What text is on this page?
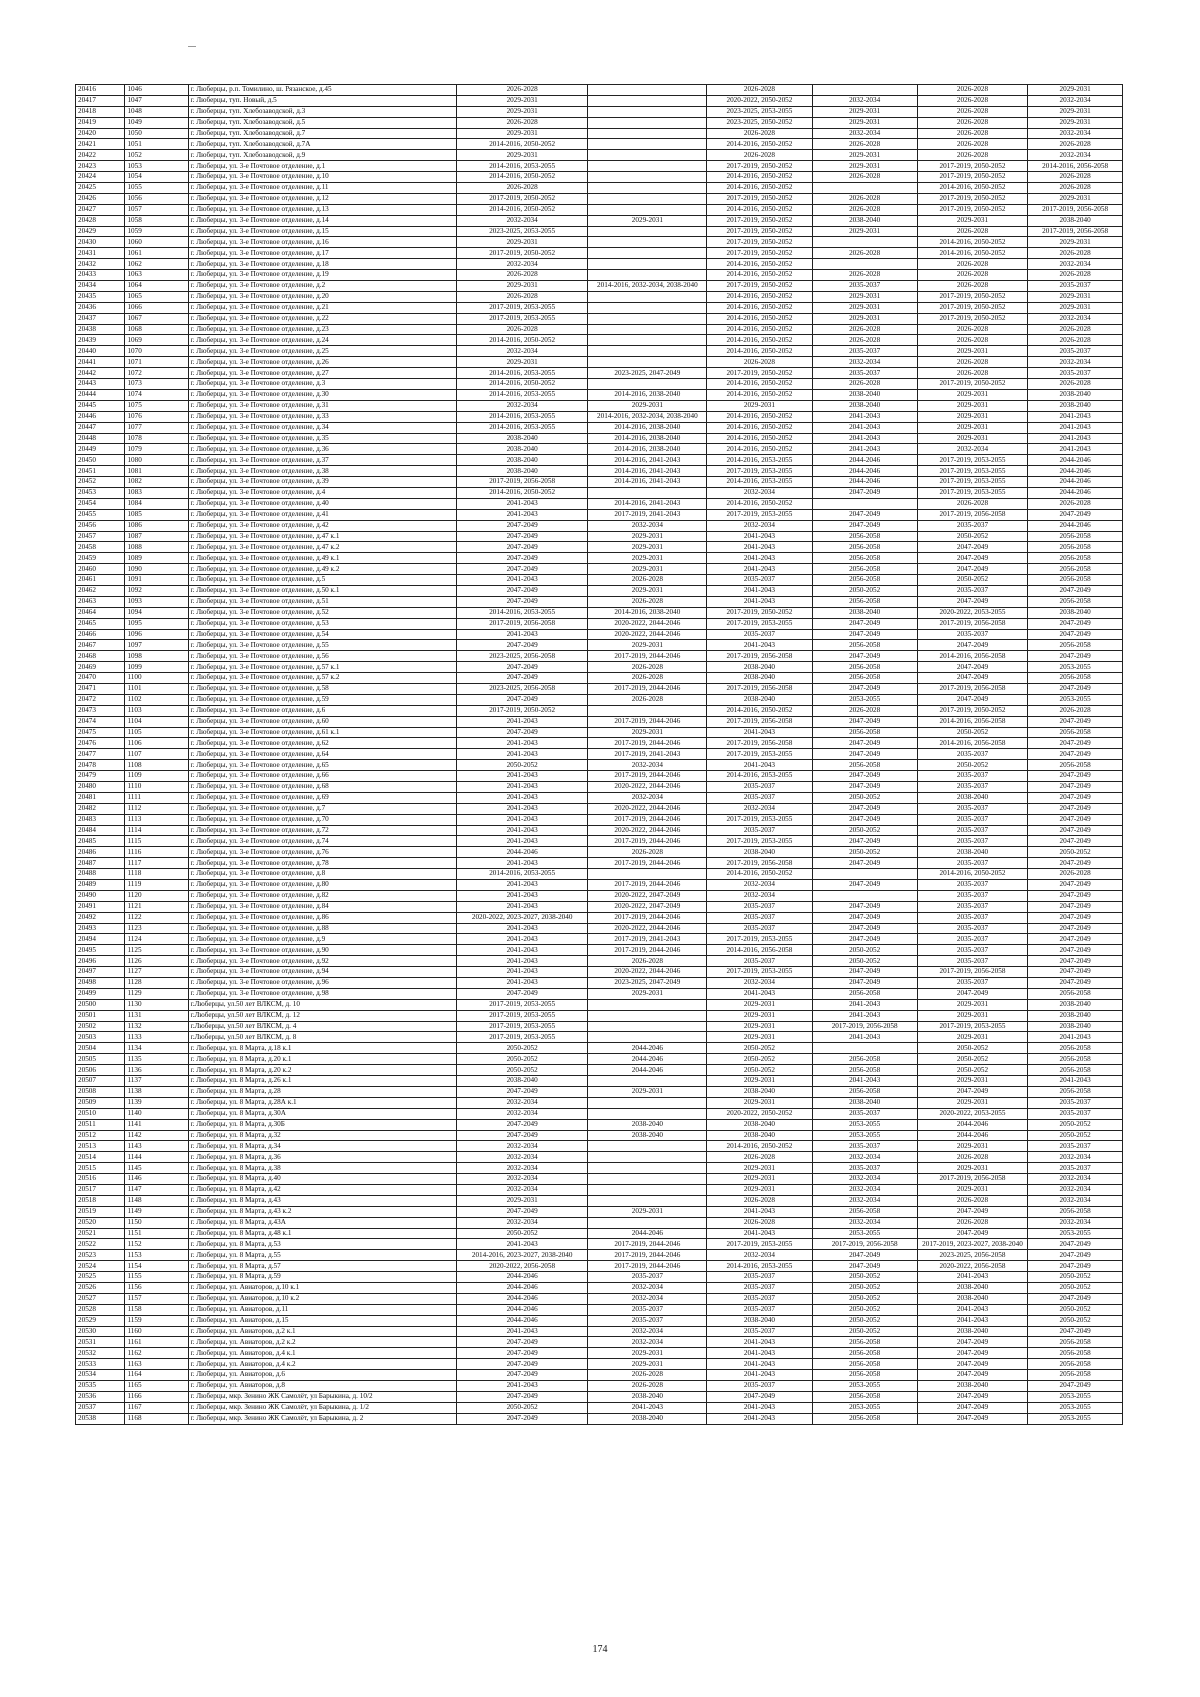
20416	1046	г. Люберцы, р.п. Томилино, ш. Рязанское, д.45	2026-2028		2026-2028		2026-2028	2029-2031
20417	1047	г. Люберцы, туп. Новый, д.5	2029-2031		2020-2022, 2050-2052	2032-2034	2026-2028	2032-2034
20418	1048	г. Люберцы, туп. Хлебозаводской, д.3	2029-2031		2023-2025, 2053-2055	2029-2031	2026-2028	2029-2031
20419	1049	г. Люберцы, туп. Хлебозаводской, д.5	2026-2028		2023-2025, 2050-2052	2029-2031	2026-2028	2029-2031
20420	1050	г. Люберцы, туп. Хлебозаводской, д.7	2029-2031		2026-2028	2032-2034	2026-2028	2032-2034
20421	1051	г. Люберцы, туп. Хлебозаводской, д.7А	2014-2016, 2050-2052		2014-2016, 2050-2052	2026-2028	2026-2028	2026-2028
20422	1052	г. Люберцы, туп. Хлебозаводской, д.9	2029-2031		2026-2028	2029-2031	2026-2028	2032-2034
20423	1053	г. Люберцы, ул. 3-е Почтовое отделение, д.1	2014-2016, 2053-2055		2017-2019, 2050-2052	2029-2031	2017-2019, 2050-2052	2014-2016, 2056-2058
20424	1054	г. Люберцы, ул. 3-е Почтовое отделение, д.10	2014-2016, 2050-2052		2014-2016, 2050-2052	2026-2028	2017-2019, 2050-2052	2026-2028
20425	1055	г. Люберцы, ул. 3-е Почтовое отделение, д.11	2026-2028		2014-2016, 2050-2052		2014-2016, 2050-2052	2026-2028
20426	1056	г. Люберцы, ул. 3-е Почтовое отделение, д.12	2017-2019, 2050-2052		2017-2019, 2050-2052	2026-2028	2017-2019, 2050-2052	2029-2031
20427	1057	г. Люберцы, ул. 3-е Почтовое отделение, д.13	2014-2016, 2050-2052		2014-2016, 2050-2052	2026-2028	2017-2019, 2050-2052	2017-2019, 2056-2058
20428	1058	г. Люберцы, ул. 3-е Почтовое отделение, д.14	2032-2034	2029-2031	2017-2019, 2050-2052	2038-2040	2029-2031	2038-2040
20429	1059	г. Люберцы, ул. 3-е Почтовое отделение, д.15	2023-2025, 2053-2055		2017-2019, 2050-2052	2029-2031	2026-2028	2017-2019, 2056-2058
20430	1060	г. Люберцы, ул. 3-е Почтовое отделение, д.16	2029-2031		2017-2019, 2050-2052		2014-2016, 2050-2052	2029-2031
20431	1061	г. Люберцы, ул. 3-е Почтовое отделение, д.17	2017-2019, 2050-2052		2017-2019, 2050-2052	2026-2028	2014-2016, 2050-2052	2026-2028
20432	1062	г. Люберцы, ул. 3-е Почтовое отделение, д.18	2032-2034		2014-2016, 2050-2052		2026-2028	2032-2034
20433	1063	г. Люберцы, ул. 3-е Почтовое отделение, д.19	2026-2028		2014-2016, 2050-2052	2026-2028	2026-2028	2026-2028
20434	1064	г. Люберцы, ул. 3-е Почтовое отделение, д.2	2029-2031	2014-2016, 2032-2034, 2038-2040	2017-2019, 2050-2052	2035-2037	2026-2028	2035-2037
20435	1065	г. Люберцы, ул. 3-е Почтовое отделение, д.20	2026-2028		2014-2016, 2050-2052	2029-2031	2017-2019, 2050-2052	2029-2031
20436	1066	г. Люберцы, ул. 3-е Почтовое отделение, д.21	2017-2019, 2053-2055		2014-2016, 2050-2052	2029-2031	2017-2019, 2050-2052	2029-2031
20437	1067	г. Люберцы, ул. 3-е Почтовое отделение, д.22	2017-2019, 2053-2055		2014-2016, 2050-2052	2029-2031	2017-2019, 2050-2052	2032-2034
20438	1068	г. Люберцы, ул. 3-е Почтовое отделение, д.23	2026-2028		2014-2016, 2050-2052	2026-2028	2026-2028	2026-2028
20439	1069	г. Люберцы, ул. 3-е Почтовое отделение, д.24	2014-2016, 2050-2052		2014-2016, 2050-2052	2026-2028	2026-2028	2026-2028
20440	1070	г. Люберцы, ул. 3-е Почтовое отделение, д.25	2032-2034		2014-2016, 2050-2052	2035-2037	2029-2031	2035-2037
20441	1071	г. Люберцы, ул. 3-е Почтовое отделение, д.26	2029-2031		2026-2028	2032-2034	2026-2028	2032-2034
20442	1072	г. Люберцы, ул. 3-е Почтовое отделение, д.27	2014-2016, 2053-2055	2023-2025, 2047-2049	2017-2019, 2050-2052	2035-2037	2026-2028	2035-2037
20443	1073	г. Люберцы, ул. 3-е Почтовое отделение, д.3	2014-2016, 2050-2052		2014-2016, 2050-2052	2026-2028	2017-2019, 2050-2052	2026-2028
20444	1074	г. Люберцы, ул. 3-е Почтовое отделение, д.30	2014-2016, 2053-2055	2014-2016, 2038-2040	2014-2016, 2050-2052	2038-2040	2029-2031	2038-2040
20445	1075	г. Люберцы, ул. 3-е Почтовое отделение, д.31	2032-2034	2029-2031	2029-2031	2038-2040	2029-2031	2038-2040
20446	1076	г. Люберцы, ул. 3-е Почтовое отделение, д.33	2014-2016, 2053-2055	2014-2016, 2032-2034, 2038-2040	2014-2016, 2050-2052	2041-2043	2029-2031	2041-2043
20447	1077	г. Люберцы, ул. 3-е Почтовое отделение, д.34	2014-2016, 2053-2055	2014-2016, 2038-2040	2014-2016, 2050-2052	2041-2043	2029-2031	2041-2043
20448	1078	г. Люберцы, ул. 3-е Почтовое отделение, д.35	2038-2040	2014-2016, 2038-2040	2014-2016, 2050-2052	2041-2043	2029-2031	2041-2043
20449	1079	г. Люберцы, ул. 3-е Почтовое отделение, д.36	2038-2040	2014-2016, 2038-2040	2014-2016, 2050-2052	2041-2043	2032-2034	2041-2043
20450	1080	г. Люберцы, ул. 3-е Почтовое отделение, д.37	2038-2040	2014-2016, 2041-2043	2014-2016, 2053-2055	2044-2046	2017-2019, 2053-2055	2044-2046
20451	1081	г. Люберцы, ул. 3-е Почтовое отделение, д.38	2038-2040	2014-2016, 2041-2043	2017-2019, 2053-2055	2044-2046	2017-2019, 2053-2055	2044-2046
20452	1082	г. Люберцы, ул. 3-е Почтовое отделение, д.39	2017-2019, 2056-2058	2014-2016, 2041-2043	2014-2016, 2053-2055	2044-2046	2017-2019, 2053-2055	2044-2046
20453	1083	г. Люберцы, ул. 3-е Почтовое отделение, д.4	2014-2016, 2050-2052		2032-2034	2047-2049	2017-2019, 2053-2055	2044-2046
20454	1084	г. Люберцы, ул. 3-е Почтовое отделение, д.40	2041-2043	2014-2016, 2041-2043	2014-2016, 2050-2052		2026-2028	2026-2028
20455	1085	г. Люберцы, ул. 3-е Почтовое отделение, д.41	2041-2043	2017-2019, 2041-2043	2017-2019, 2053-2055	2047-2049	2017-2019, 2056-2058	2047-2049
20456	1086	г. Люберцы, ул. 3-е Почтовое отделение, д.42	2047-2049	2032-2034	2032-2034	2047-2049	2035-2037	2044-2046
20457	1087	г. Люберцы, ул. 3-е Почтовое отделение, д.47 к.1	2047-2049	2029-2031	2041-2043	2056-2058	2050-2052	2056-2058
20458	1088	г. Люберцы, ул. 3-е Почтовое отделение, д.47 к.2	2047-2049	2029-2031	2041-2043	2056-2058	2047-2049	2056-2058
20459	1089	г. Люберцы, ул. 3-е Почтовое отделение, д.49 к.1	2047-2049	2029-2031	2041-2043	2056-2058	2047-2049	2056-2058
20460	1090	г. Люберцы, ул. 3-е Почтовое отделение, д.49 к.2	2047-2049	2029-2031	2041-2043	2056-2058	2047-2049	2056-2058
20461	1091	г. Люберцы, ул. 3-е Почтовое отделение, д.5	2041-2043	2026-2028	2035-2037	2056-2058	2050-2052	2056-2058
20462	1092	г. Люберцы, ул. 3-е Почтовое отделение, д.50 к.1	2047-2049	2029-2031	2041-2043	2050-2052	2035-2037	2047-2049
20463	1093	г. Люберцы, ул. 3-е Почтовое отделение, д.51	2047-2049	2026-2028	2041-2043	2056-2058	2047-2049	2056-2058
20464	1094	г. Люберцы, ул. 3-е Почтовое отделение, д.52	2014-2016, 2053-2055	2014-2016, 2038-2040	2017-2019, 2050-2052	2038-2040	2020-2022, 2053-2055	2038-2040
20465	1095	г. Люберцы, ул. 3-е Почтовое отделение, д.53	2017-2019, 2056-2058	2020-2022, 2044-2046	2017-2019, 2053-2055	2047-2049	2017-2019, 2056-2058	2047-2049
20466	1096	г. Люберцы, ул. 3-е Почтовое отделение, д.54	2041-2043	2020-2022, 2044-2046	2035-2037	2047-2049	2035-2037	2047-2049
20467	1097	г. Люберцы, ул. 3-е Почтовое отделение, д.55	2047-2049	2029-2031	2041-2043	2056-2058	2047-2049	2056-2058
20468	1098	г. Люберцы, ул. 3-е Почтовое отделение, д.56	2023-2025, 2056-2058	2017-2019, 2044-2046	2017-2019, 2056-2058	2047-2049	2014-2016, 2056-2058	2047-2049
20469	1099	г. Люберцы, ул. 3-е Почтовое отделение, д.57 к.1	2047-2049	2026-2028	2038-2040	2056-2058	2047-2049	2053-2055
20470	1100	г. Люберцы, ул. 3-е Почтовое отделение, д.57 к.2	2047-2049	2026-2028	2038-2040	2056-2058	2047-2049	2056-2058
20471	1101	г. Люберцы, ул. 3-е Почтовое отделение, д.58	2023-2025, 2056-2058	2017-2019, 2044-2046	2017-2019, 2056-2058	2047-2049	2017-2019, 2056-2058	2047-2049
20472	1102	г. Люберцы, ул. 3-е Почтовое отделение, д.59	2047-2049	2026-2028	2038-2040	2053-2055	2047-2049	2053-2055
20473	1103	г. Люберцы, ул. 3-е Почтовое отделение, д.6	2017-2019, 2050-2052		2014-2016, 2050-2052	2026-2028	2017-2019, 2050-2052	2026-2028
20474	1104	г. Люберцы, ул. 3-е Почтовое отделение, д.60	2041-2043	2017-2019, 2044-2046	2017-2019, 2056-2058	2047-2049	2014-2016, 2056-2058	2047-2049
20475	1105	г. Люберцы, ул. 3-е Почтовое отделение, д.61 к.1	2047-2049	2029-2031	2041-2043	2056-2058	2050-2052	2056-2058
20476	1106	г. Люберцы, ул. 3-е Почтовое отделение, д.62	2041-2043	2017-2019, 2044-2046	2017-2019, 2056-2058	2047-2049	2014-2016, 2056-2058	2047-2049
20477	1107	г. Люберцы, ул. 3-е Почтовое отделение, д.64	2041-2043	2017-2019, 2041-2043	2017-2019, 2053-2055	2047-2049	2035-2037	2047-2049
20478	1108	г. Люберцы, ул. 3-е Почтовое отделение, д.65	2050-2052	2032-2034	2041-2043	2056-2058	2050-2052	2056-2058
20479	1109	г. Люберцы, ул. 3-е Почтовое отделение, д.66	2041-2043	2017-2019, 2044-2046	2014-2016, 2053-2055	2047-2049	2035-2037	2047-2049
20480	1110	г. Люберцы, ул. 3-е Почтовое отделение, д.68	2041-2043	2020-2022, 2044-2046	2035-2037	2047-2049	2035-2037	2047-2049
20481	1111	г. Люберцы, ул. 3-е Почтовое отделение, д.69	2041-2043	2032-2034	2035-2037	2050-2052	2038-2040	2047-2049
20482	1112	г. Люберцы, ул. 3-е Почтовое отделение, д.7	2041-2043	2020-2022, 2044-2046	2032-2034	2047-2049	2035-2037	2047-2049
20483	1113	г. Люберцы, ул. 3-е Почтовое отделение, д.70	2041-2043	2017-2019, 2044-2046	2017-2019, 2053-2055	2047-2049	2035-2037	2047-2049
20484	1114	г. Люберцы, ул. 3-е Почтовое отделение, д.72	2041-2043	2020-2022, 2044-2046	2035-2037	2050-2052	2035-2037	2047-2049
20485	1115	г. Люберцы, ул. 3-е Почтовое отделение, д.74	2041-2043	2017-2019, 2044-2046	2017-2019, 2053-2055	2047-2049	2035-2037	2047-2049
20486	1116	г. Люберцы, ул. 3-е Почтовое отделение, д.76	2044-2046	2026-2028	2038-2040	2050-2052	2038-2040	2050-2052
20487	1117	г. Люберцы, ул. 3-е Почтовое отделение, д.78	2041-2043	2017-2019, 2044-2046	2017-2019, 2056-2058	2047-2049	2035-2037	2047-2049
20488	1118	г. Люберцы, ул. 3-е Почтовое отделение, д.8	2014-2016, 2053-2055		2014-2016, 2050-2052		2014-2016, 2050-2052	2026-2028
20489	1119	г. Люберцы, ул. 3-е Почтовое отделение, д.80	2041-2043	2017-2019, 2044-2046	2032-2034	2047-2049	2035-2037	2047-2049
20490	1120	г. Люберцы, ул. 3-е Почтовое отделение, д.82	2041-2043	2020-2022, 2047-2049	2032-2034		2035-2037	2047-2049
20491	1121	г. Люберцы, ул. 3-е Почтовое отделение, д.84	2041-2043	2020-2022, 2047-2049	2035-2037	2047-2049	2035-2037	2047-2049
20492	1122	г. Люберцы, ул. 3-е Почтовое отделение, д.86	2020-2022, 2023-2027, 2038-2040	2017-2019, 2044-2046	2035-2037	2047-2049	2035-2037	2047-2049
20493	1123	г. Люберцы, ул. 3-е Почтовое отделение, д.88	2041-2043	2020-2022, 2044-2046	2035-2037	2047-2049	2035-2037	2047-2049
20494	1124	г. Люберцы, ул. 3-е Почтовое отделение, д.9	2041-2043	2017-2019, 2041-2043	2017-2019, 2053-2055	2047-2049	2035-2037	2047-2049
20495	1125	г. Люберцы, ул. 3-е Почтовое отделение, д.90	2041-2043	2017-2019, 2044-2046	2014-2016, 2056-2058	2050-2052	2035-2037	2047-2049
20496	1126	г. Люберцы, ул. 3-е Почтовое отделение, д.92	2041-2043	2026-2028	2035-2037	2050-2052	2035-2037	2047-2049
20497	1127	г. Люберцы, ул. 3-е Почтовое отделение, д.94	2041-2043	2020-2022, 2044-2046	2017-2019, 2053-2055	2047-2049	2017-2019, 2056-2058	2047-2049
20498	1128	г. Люберцы, ул. 3-е Почтовое отделение, д.96	2041-2043	2023-2025, 2047-2049	2032-2034	2047-2049	2035-2037	2047-2049
20499	1129	г. Люберцы, ул. 3-е Почтовое отделение, д.98	2047-2049	2029-2031	2041-2043	2056-2058	2047-2049	2056-2058
20500	1130	г.Люберцы, ул.50 лет ВЛКСМ, д. 10	2017-2019, 2053-2055		2029-2031	2041-2043	2029-2031	2038-2040
20501	1131	г.Люберцы, ул.50 лет ВЛКСМ, д. 12	2017-2019, 2053-2055		2029-2031	2041-2043	2029-2031	2038-2040
20502	1132	г.Люберцы, ул.50 лет ВЛКСМ, д. 4	2017-2019, 2053-2055		2029-2031	2017-2019, 2056-2058	2017-2019, 2053-2055	2038-2040
20503	1133	г.Люберцы, ул.50 лет ВЛКСМ, д. 8	2017-2019, 2053-2055		2029-2031	2041-2043	2029-2031	2041-2043
20504	1134	г. Люберцы, ул. 8 Марта, д.18 к.1	2050-2052	2044-2046	2050-2052		2050-2052	2056-2058
20505	1135	г. Люберцы, ул. 8 Марта, д.20 к.1	2050-2052	2044-2046	2050-2052	2056-2058	2050-2052	2056-2058
20506	1136	г. Люберцы, ул. 8 Марта, д.20 к.2	2050-2052	2044-2046	2050-2052	2056-2058	2050-2052	2056-2058
20507	1137	г. Люберцы, ул. 8 Марта, д.26 к.1	2038-2040		2029-2031	2041-2043	2029-2031	2041-2043
20508	1138	г. Люберцы, ул. 8 Марта, д.28	2047-2049	2029-2031	2038-2040	2056-2058	2047-2049	2056-2058
20509	1139	г. Люберцы, ул. 8 Марта, д.28А к.1	2032-2034		2029-2031	2038-2040	2029-2031	2035-2037
20510	1140	г. Люберцы, ул. 8 Марта, д.30А	2032-2034		2020-2022, 2050-2052	2035-2037	2020-2022, 2053-2055	2035-2037
20511	1141	г. Люберцы, ул. 8 Марта, д.30Б	2047-2049	2038-2040	2038-2040	2053-2055	2044-2046	2050-2052
20512	1142	г. Люберцы, ул. 8 Марта, д.32	2047-2049	2038-2040	2038-2040	2053-2055	2044-2046	2050-2052
20513	1143	г. Люберцы, ул. 8 Марта, д.34	2032-2034		2014-2016, 2050-2052	2035-2037	2029-2031	2035-2037
20514	1144	г. Люберцы, ул. 8 Марта, д.36	2032-2034		2026-2028	2032-2034	2026-2028	2032-2034
20515	1145	г. Люберцы, ул. 8 Марта, д.38	2032-2034		2029-2031	2035-2037	2029-2031	2035-2037
20516	1146	г. Люберцы, ул. 8 Марта, д.40	2032-2034		2029-2031	2032-2034	2017-2019, 2056-2058	2032-2034
20517	1147	г. Люберцы, ул. 8 Марта, д.42	2032-2034		2029-2031	2032-2034	2029-2031	2032-2034
20518	1148	г. Люберцы, ул. 8 Марта, д.43	2029-2031		2026-2028	2032-2034	2026-2028	2032-2034
20519	1149	г. Люберцы, ул. 8 Марта, д.43 к.2	2047-2049	2029-2031	2041-2043	2056-2058	2047-2049	2056-2058
20520	1150	г. Люберцы, ул. 8 Марта, д.43А	2032-2034		2026-2028	2032-2034	2026-2028	2032-2034
20521	1151	г. Люберцы, ул. 8 Марта, д.48 к.1	2050-2052	2044-2046	2041-2043	2053-2055	2047-2049	2053-2055
20522	1152	г. Люберцы, ул. 8 Марта, д.53	2041-2043	2017-2019, 2044-2046	2017-2019, 2053-2055	2017-2019, 2056-2058	2017-2019, 2023-2027, 2038-2040	2047-2049
20523	1153	г. Люберцы, ул. 8 Марта, д.55	2014-2016, 2023-2027, 2038-2040	2017-2019, 2044-2046	2032-2034	2047-2049	2023-2025, 2056-2058	2047-2049
20524	1154	г. Люберцы, ул. 8 Марта, д.57	2020-2022, 2056-2058	2017-2019, 2044-2046	2014-2016, 2053-2055	2047-2049	2020-2022, 2056-2058	2047-2049
20525	1155	г. Люберцы, ул. 8 Марта, д.59	2044-2046	2035-2037	2035-2037	2050-2052	2041-2043	2050-2052
20526	1156	г. Люберцы, ул. Авиаторов, д.10 к.1	2044-2046	2032-2034	2035-2037	2050-2052	2038-2040	2050-2052
20527	1157	г. Люберцы, ул. Авиаторов, д.10 к.2	2044-2046	2032-2034	2035-2037	2050-2052	2038-2040	2047-2049
20528	1158	г. Люберцы, ул. Авиаторов, д.11	2044-2046	2035-2037	2035-2037	2050-2052	2041-2043	2050-2052
20529	1159	г. Люберцы, ул. Авиаторов, д.15	2044-2046	2035-2037	2038-2040	2050-2052	2041-2043	2050-2052
20530	1160	г. Люберцы, ул. Авиаторов, д.2 к.1	2041-2043	2032-2034	2035-2037	2050-2052	2038-2040	2047-2049
20531	1161	г. Люберцы, ул. Авиаторов, д.2 к.2	2047-2049	2032-2034	2041-2043	2056-2058	2047-2049	2056-2058
20532	1162	г. Люберцы, ул. Авиаторов, д.4 к.1	2047-2049	2029-2031	2041-2043	2056-2058	2047-2049	2056-2058
20533	1163	г. Люберцы, ул. Авиаторов, д.4 к.2	2047-2049	2029-2031	2041-2043	2056-2058	2047-2049	2056-2058
20534	1164	г. Люберцы, ул. Авиаторов, д.6	2047-2049	2026-2028	2041-2043	2056-2058	2047-2049	2056-2058
20535	1165	г. Люберцы, ул. Авиаторов, д.8	2041-2043	2026-2028	2035-2037	2053-2055	2038-2040	2047-2049
20536	1166	г. Люберцы, мкр. Зенино ЖК Самолёт, ул Барыкина, д. 10/2	2047-2049	2038-2040	2047-2049	2056-2058	2047-2049	2053-2055
20537	1167	г. Люберцы, мкр. Зенино ЖК Самолёт, ул Барыкина, д. 1/2	2050-2052	2041-2043	2041-2043	2053-2055	2047-2049	2053-2055
20538	1168	г. Люберцы, мкр. Зенино ЖК Самолёт, ул Барыкина, д. 2	2047-2049	2038-2040	2041-2043	2056-2058	2047-2049	2053-2055
174
